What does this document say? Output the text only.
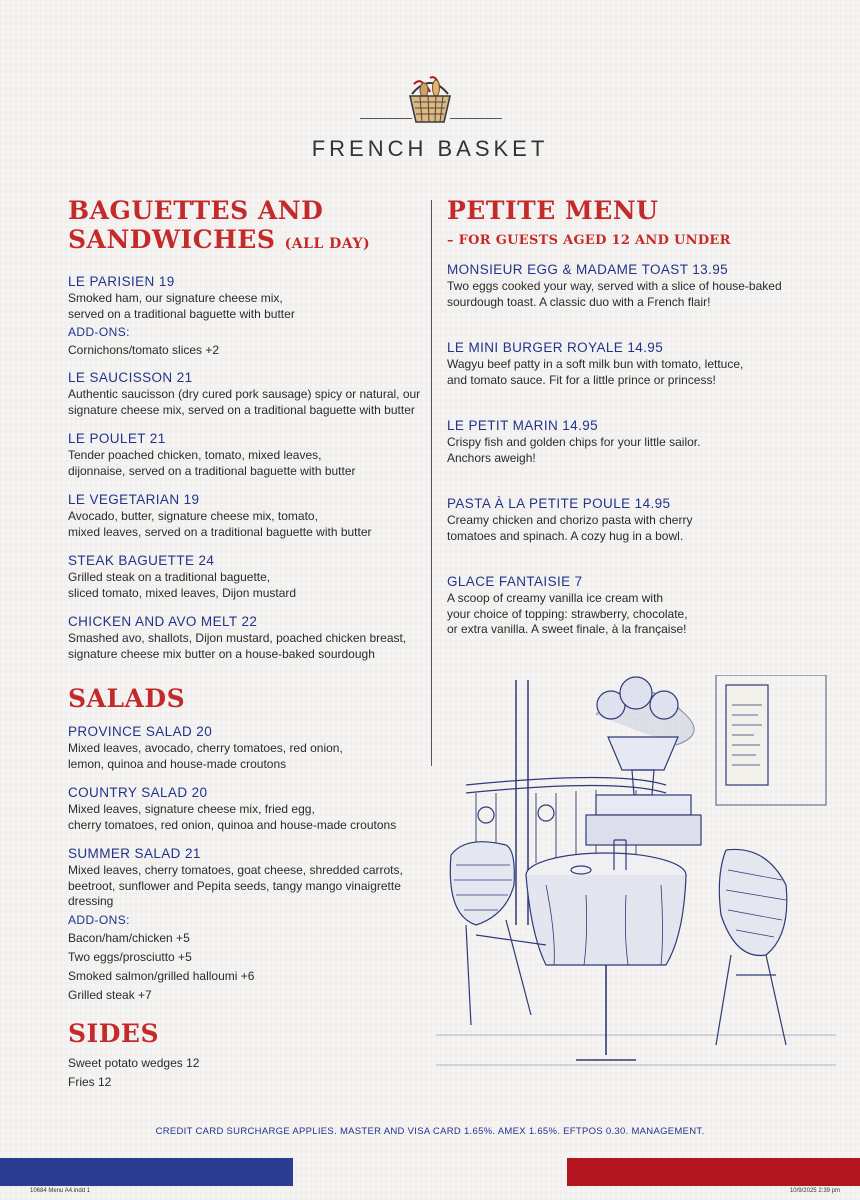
FRENCH BASKET
BAGUETTES AND
SANDWICHES (ALL DAY)
LE PARISIEN 19
Smoked ham, our signature cheese mix,
served on a traditional baguette with butter
ADD-ONS:
Cornichons/tomato slices +2
LE SAUCISSON 21
Authentic saucisson (dry cured pork sausage) spicy or natural, our
signature cheese mix, served on a traditional baguette with butter
LE POULET 21
Tender poached chicken, tomato, mixed leaves,
dijonnaise, served on a traditional baguette with butter
LE VEGETARIAN 19
Avocado, butter, signature cheese mix, tomato,
mixed leaves, served on a traditional baguette with butter
STEAK BAGUETTE 24
Grilled steak on a traditional baguette,
sliced tomato, mixed leaves, Dijon mustard
CHICKEN AND AVO MELT 22
Smashed avo, shallots, Dijon mustard, poached chicken breast,
signature cheese mix butter on a house-baked sourdough
SALADS
PROVINCE SALAD 20
Mixed leaves, avocado, cherry tomatoes, red onion,
lemon, quinoa and house-made croutons
COUNTRY SALAD 20
Mixed leaves, signature cheese mix, fried egg,
cherry tomatoes, red onion, quinoa and house-made croutons
SUMMER SALAD 21
Mixed leaves, cherry tomatoes, goat cheese, shredded carrots,
beetroot, sunflower and Pepita seeds, tangy mango vinaigrette
dressing
ADD-ONS:
Bacon/ham/chicken +5
Two eggs/prosciutto +5
Smoked salmon/grilled halloumi +6
Grilled steak +7
SIDES
Sweet potato wedges 12
Fries 12
PETITE MENU
– FOR GUESTS AGED 12 AND UNDER
MONSIEUR EGG & MADAME TOAST 13.95
Two eggs cooked your way, served with a slice of house-baked
sourdough toast. A classic duo with a French flair!
LE MINI BURGER ROYALE 14.95
Wagyu beef patty in a soft milk bun with tomato, lettuce,
and tomato sauce. Fit for a little prince or princess!
LE PETIT MARIN 14.95
Crispy fish and golden chips for your little sailor.
Anchors aweigh!
PASTA À LA PETITE POULE 14.95
Creamy chicken and chorizo pasta with cherry
tomatoes and spinach. A cozy hug in a bowl.
GLACE FANTAISIE 7
A scoop of creamy vanilla ice cream with
your choice of topping: strawberry, chocolate,
or extra vanilla. A sweet finale, à la française!
CREDIT CARD SURCHARGE APPLIES. MASTER AND VISA CARD 1.65%. AMEX 1.65%. EFTPOS 0.30. MANAGEMENT.
10684 Menu A4.indd 1	10/9/2025 2:39 pm
